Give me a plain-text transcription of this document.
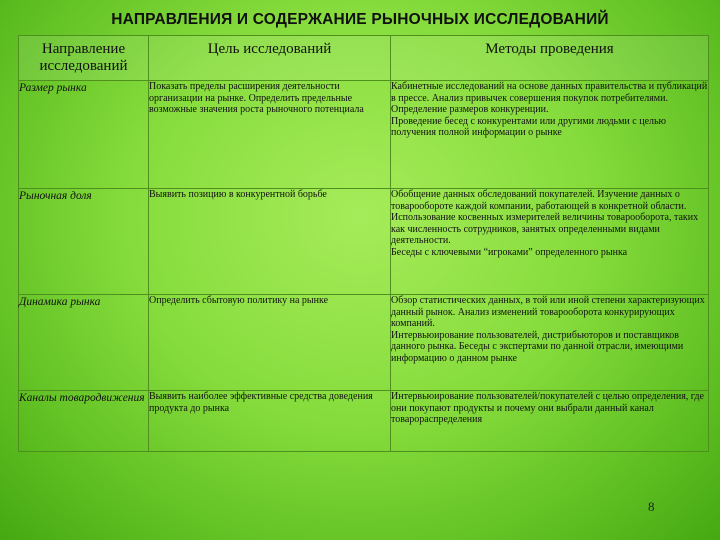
НАПРАВЛЕНИЯ И СОДЕРЖАНИЕ РЫНОЧНЫХ ИССЛЕДОВАНИЙ
Направление исследований	Цель исследований	Методы проведения
Размер рынка	Показать пределы расширения деятельности организации на рынке. Определить предельные возможные значения роста рыночного потенциала	Кабинетные исследований на основе данных правительства и публикаций в прессе. Анализ привычек совершения покупок потребителями. Определение размеров конкуренции.

Проведение бесед с конкурентами или другими людьми с целью получения полной информации о рынке

Рыночная доля	Выявить позицию в конкурентной борьбе	Обобщение данных обследований покупателей. Изучение данных о товарообороте каждой компании, работающей в конкретной области. Использование косвенных измерителей величины товарооборота, таких как численность сотрудников, занятых определенными видами деятельности.

Беседы с ключевыми “игроками” определенного рынка

Динамика рынка	Определить сбытовую политику на рынке	Обзор статистических данных, в той или иной степени характеризующих данный рынок. Анализ изменений товарооборота конкурирующих компаний.

Интервьюирование пользователей, дистрибьюторов и поставщиков данного рынка. Беседы с экспертами по данной отрасли, имеющими информацию о данном рынке

Каналы товародвижения	Выявить наиболее эффективные средства доведения продукта до рынка	Интервьюирование пользователей/покупателей с целью определения, где они покупают продукты и почему они выбрали данный канал товарораспределения

8
